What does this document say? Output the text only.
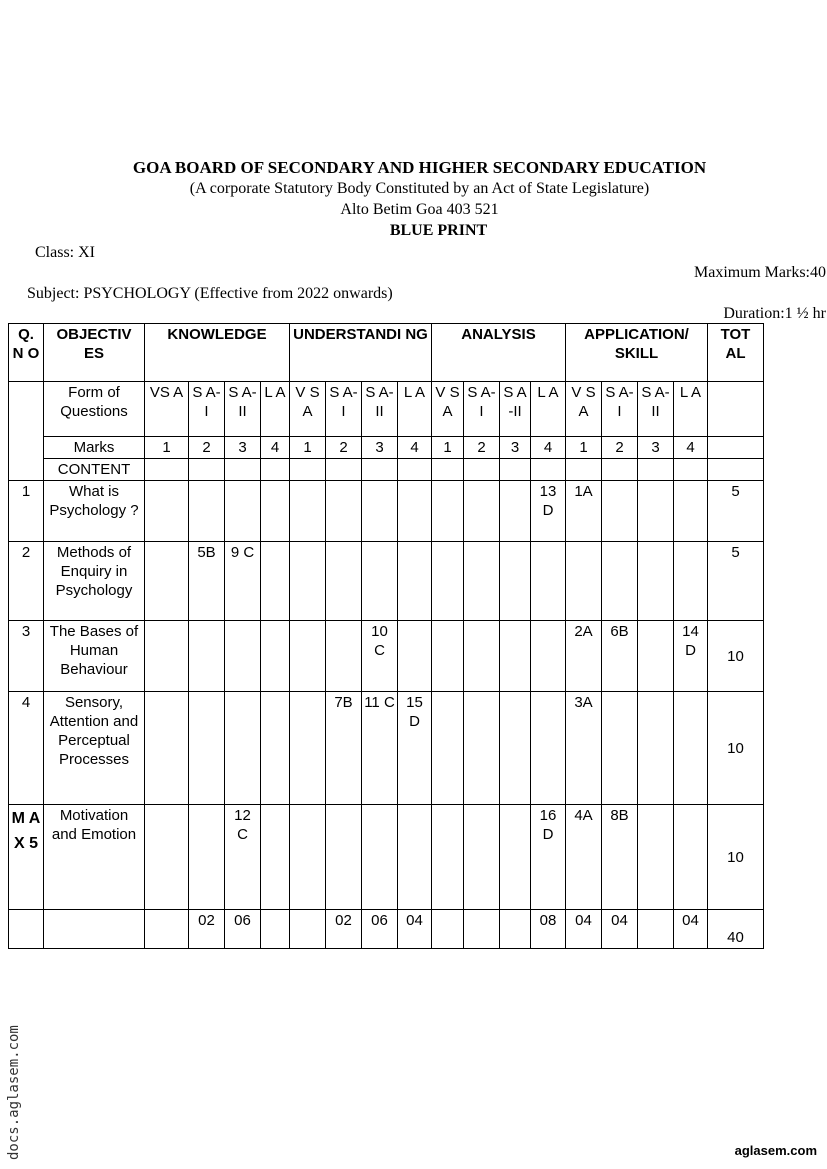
GOA BOARD OF SECONDARY AND HIGHER SECONDARY EDUCATION
(A corporate Statutory Body Constituted by an Act of State Legislature)
Alto Betim Goa 403 521
BLUE PRINT
Class: XI
Maximum Marks:40
Subject: PSYCHOLOGY (Effective from 2022 onwards)
Duration:1 ½ hr
Q. N O	OBJECTIV ES	KNOWLEDGE				UNDERSTANDI NG				ANALYSIS				APPLICATION/ SKILL				TOT AL
	Form of Questions	VS A	S A- I	S A- II	L A	V S A	S A- I	S A- II	L A	V S A	S A- I	S A -II	L A	V S A	S A- I	S A- II	L A	
	Marks	1	2	3	4	1	2	3	4	1	2	3	4	1	2	3	4	
	CONTENT																	
1	What is Psychology ?												13 D	1A				5
2	Methods of Enquiry in Psychology		5B	9 C														5
3	The Bases of Human Behaviour							10 C						2A	6B		14 D	10
4	Sensory, Attention and Perceptual Processes						7B	11 C	15 D					3A				10
M A X 5	Motivation and Emotion			12 C									16 D	4A	8B			10
			02	06			02	06	04				08	04	04		04	40
docs.aglasem.com	aglasem.com
